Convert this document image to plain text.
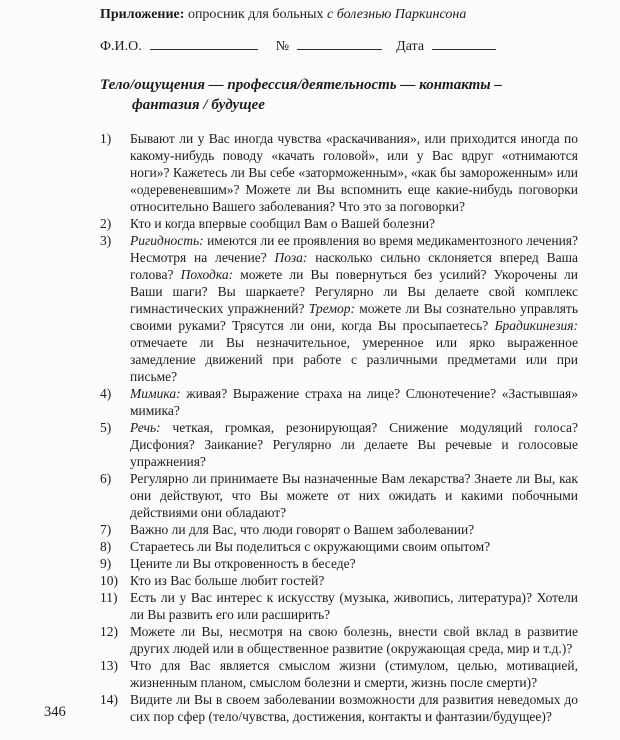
Приложение: опросник для больных с болезнью Паркинсона

Ф.И.О.	№	Дата
Тело/ощущения — профессия/деятельность — контакты –
фантазия / будущее
1)	Бывают ли у Вас иногда чувства «раскачивания», или приходится иногда по какому-нибудь поводу «качать головой», или у Вас вдруг «отнимаются ноги»? Кажетесь ли Вы себе «заторможенным», «как бы замороженным» или «одеревеневшим»? Можете ли Вы вспомнить еще какие-нибудь поговорки относительно Вашего заболевания? Что это за поговорки?
2)	Кто и когда впервые сообщил Вам о Вашей болезни?
3)	Ригидность: имеются ли ее проявления во время медикаментозного лечения? Несмотря на лечение? Поза: насколько сильно склоняется вперед Ваша голова? Походка: можете ли Вы повернуться без усилий? Укорочены ли Ваши шаги? Вы шаркаете? Регулярно ли Вы делаете свой комплекс гимнастических упражнений? Тремор: можете ли Вы сознательно управлять своими руками? Трясутся ли они, когда Вы просыпаетесь? Брадикинезия: отмечаете ли Вы незначительное, умеренное или ярко выраженное замедление движений при работе с различными предметами или при письме?
4)	Мимика: живая? Выражение страха на лице? Слюнотечение? «Застывшая» мимика?
5)	Речь: четкая, громкая, резонирующая? Снижение модуляций голоса? Дисфония? Заикание? Регулярно ли делаете Вы речевые и голосовые упражнения?
6)	Регулярно ли принимаете Вы назначенные Вам лекарства? Знаете ли Вы, как они действуют, что Вы можете от них ожидать и какими побочными действиями они обладают?
7)	Важно ли для Вас, что люди говорят о Вашем заболевании?
8)	Стараетесь ли Вы поделиться с окружающими своим опытом?
9)	Цените ли Вы откровенность в беседе?
10) Кто из Вас больше любит гостей?
11) Есть ли у Вас интерес к искусству (музыка, живопись, литература)? Хотели ли Вы развить его или расширить?
12) Можете ли Вы, несмотря на свою болезнь, внести свой вклад в развитие других людей или в общественное развитие (окружающая среда, мир и т.д.)?
13) Что для Вас является смыслом жизни (стимулом, целью, мотивацией, жизненным планом, смыслом болезни и смерти, жизнь после смерти)?
14) Видите ли Вы в своем заболевании возможности для развития неведомых до сих пор сфер (тело/чувства, достижения, контакты и фантазии/будущее)?
346
